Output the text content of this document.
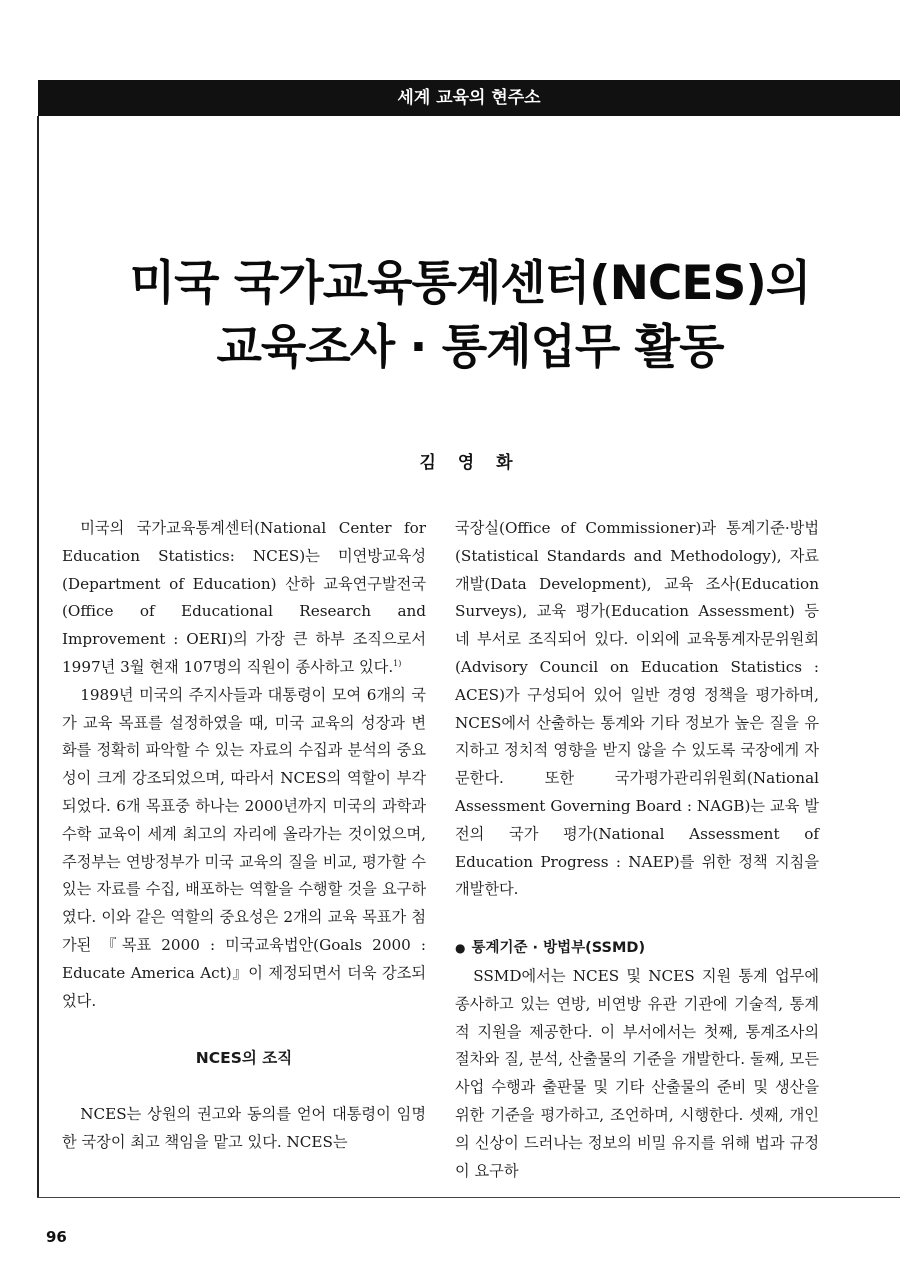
세계 교육의 현주소
미국 국가교육통계센터(NCES)의
교육조사 · 통계업무 활동
김 영 화

미국의 국가교육통계센터(National Center for Education Statistics: NCES)는 미연방교육성(Department of Education) 산하 교육연구발전국(Office of Educational Research and Improvement : OERI)의 가장 큰 하부 조직으로서 1997년 3월 현재 107명의 직원이 종사하고 있다.$^{1)}$

1989년 미국의 주지사들과 대통령이 모여 6개의 국가 교육 목표를 설정하였을 때, 미국 교육의 성장과 변화를 정확히 파악할 수 있는 자료의 수집과 분석의 중요성이 크게 강조되었으며, 따라서 NCES의 역할이 부각되었다. 6개 목표중 하나는 2000년까지 미국의 과학과 수학 교육이 세계 최고의 자리에 올라가는 것이었으며, 주정부는 연방정부가 미국 교육의 질을 비교, 평가할 수 있는 자료를 수집, 배포하는 역할을 수행할 것을 요구하였다. 이와 같은 역할의 중요성은 2개의 교육 목표가 첨가된 『목표 2000 : 미국교육법안(Goals 2000 : Educate America Act)』이 제정되면서 더욱 강조되었다.

NCES의 조직

NCES는 상원의 권고와 동의를 얻어 대통령이 임명한 국장이 최고 책임을 맡고 있다. NCES는

국장실(Office of Commissioner)과 통계기준·방법(Statistical Standards and Methodology), 자료 개발(Data Development), 교육 조사(Education Surveys), 교육 평가(Education Assessment) 등 네 부서로 조직되어 있다. 이외에 교육통계자문위원회(Advisory Council on Education Statistics : ACES)가 구성되어 있어 일반 경영 정책을 평가하며, NCES에서 산출하는 통계와 기타 정보가 높은 질을 유지하고 정치적 영향을 받지 않을 수 있도록 국장에게 자문한다. 또한 국가평가관리위원회(National Assessment Governing Board : NAGB)는 교육 발전의 국가 평가(National Assessment of Education Progress : NAEP)를 위한 정책 지침을 개발한다.

● 통계기준 · 방법부(SSMD)

SSMD에서는 NCES 및 NCES 지원 통계 업무에 종사하고 있는 연방, 비연방 유관 기관에 기술적, 통계적 지원을 제공한다. 이 부서에서는 첫째, 통계조사의 절차와 질, 분석, 산출물의 기준을 개발한다. 둘째, 모든 사업 수행과 출판물 및 기타 산출물의 준비 및 생산을 위한 기준을 평가하고, 조언하며, 시행한다. 셋째, 개인의 신상이 드러나는 정보의 비밀 유지를 위해 법과 규정이 요구하

96
